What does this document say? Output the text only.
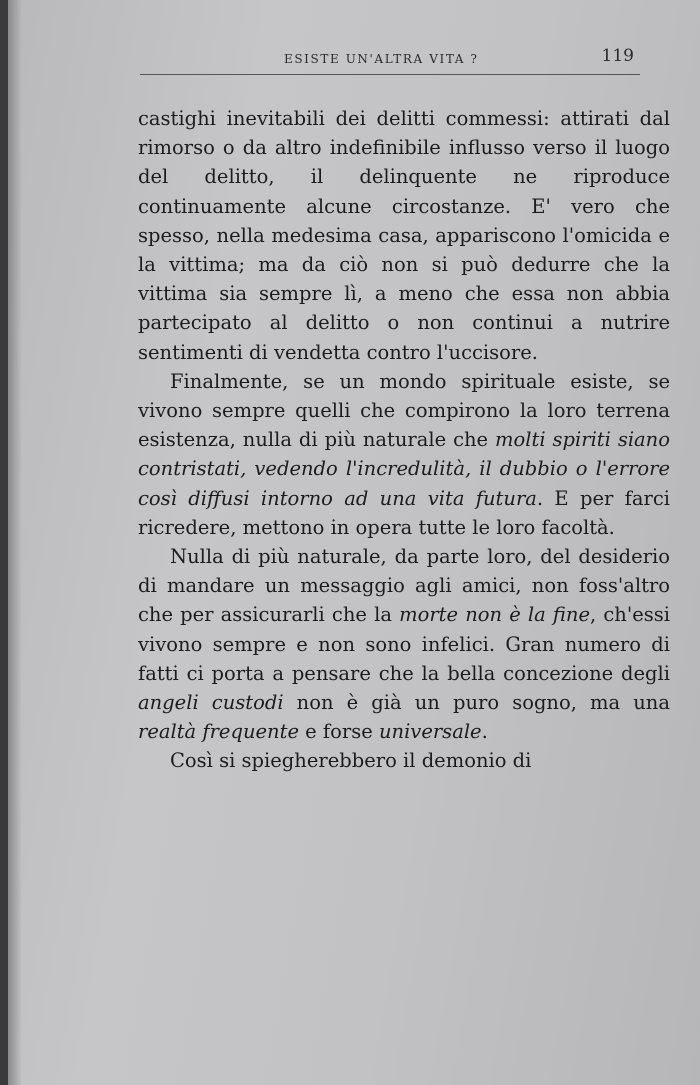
ESISTE UN'ALTRA VITA ?	119

castighi inevitabili dei delitti commessi: attirati dal rimorso o da altro indefinibile influsso verso il luogo del delitto, il delinquente ne riproduce continuamente alcune circostanze. E' vero che spesso, nella medesima casa, appariscono l'omicida e la vittima; ma da ciò non si può dedurre che la vittima sia sempre lì, a meno che essa non abbia partecipato al delitto o non continui a nutrire sentimenti di vendetta contro l'uccisore.

Finalmente, se un mondo spirituale esiste, se vivono sempre quelli che compirono la loro terrena esistenza, nulla di più naturale che molti spiriti siano contristati, vedendo l'incredulità, il dubbio o l'errore così diffusi intorno ad una vita futura. E per farci ricredere, mettono in opera tutte le loro facoltà.

Nulla di più naturale, da parte loro, del desiderio di mandare un messaggio agli amici, non foss'altro che per assicurarli che la morte non è la fine, ch'essi vivono sempre e non sono infelici. Gran numero di fatti ci porta a pensare che la bella concezione degli angeli custodi non è già un puro sogno, ma una realtà frequente e forse universale.

Così si spiegherebbero il demonio di
